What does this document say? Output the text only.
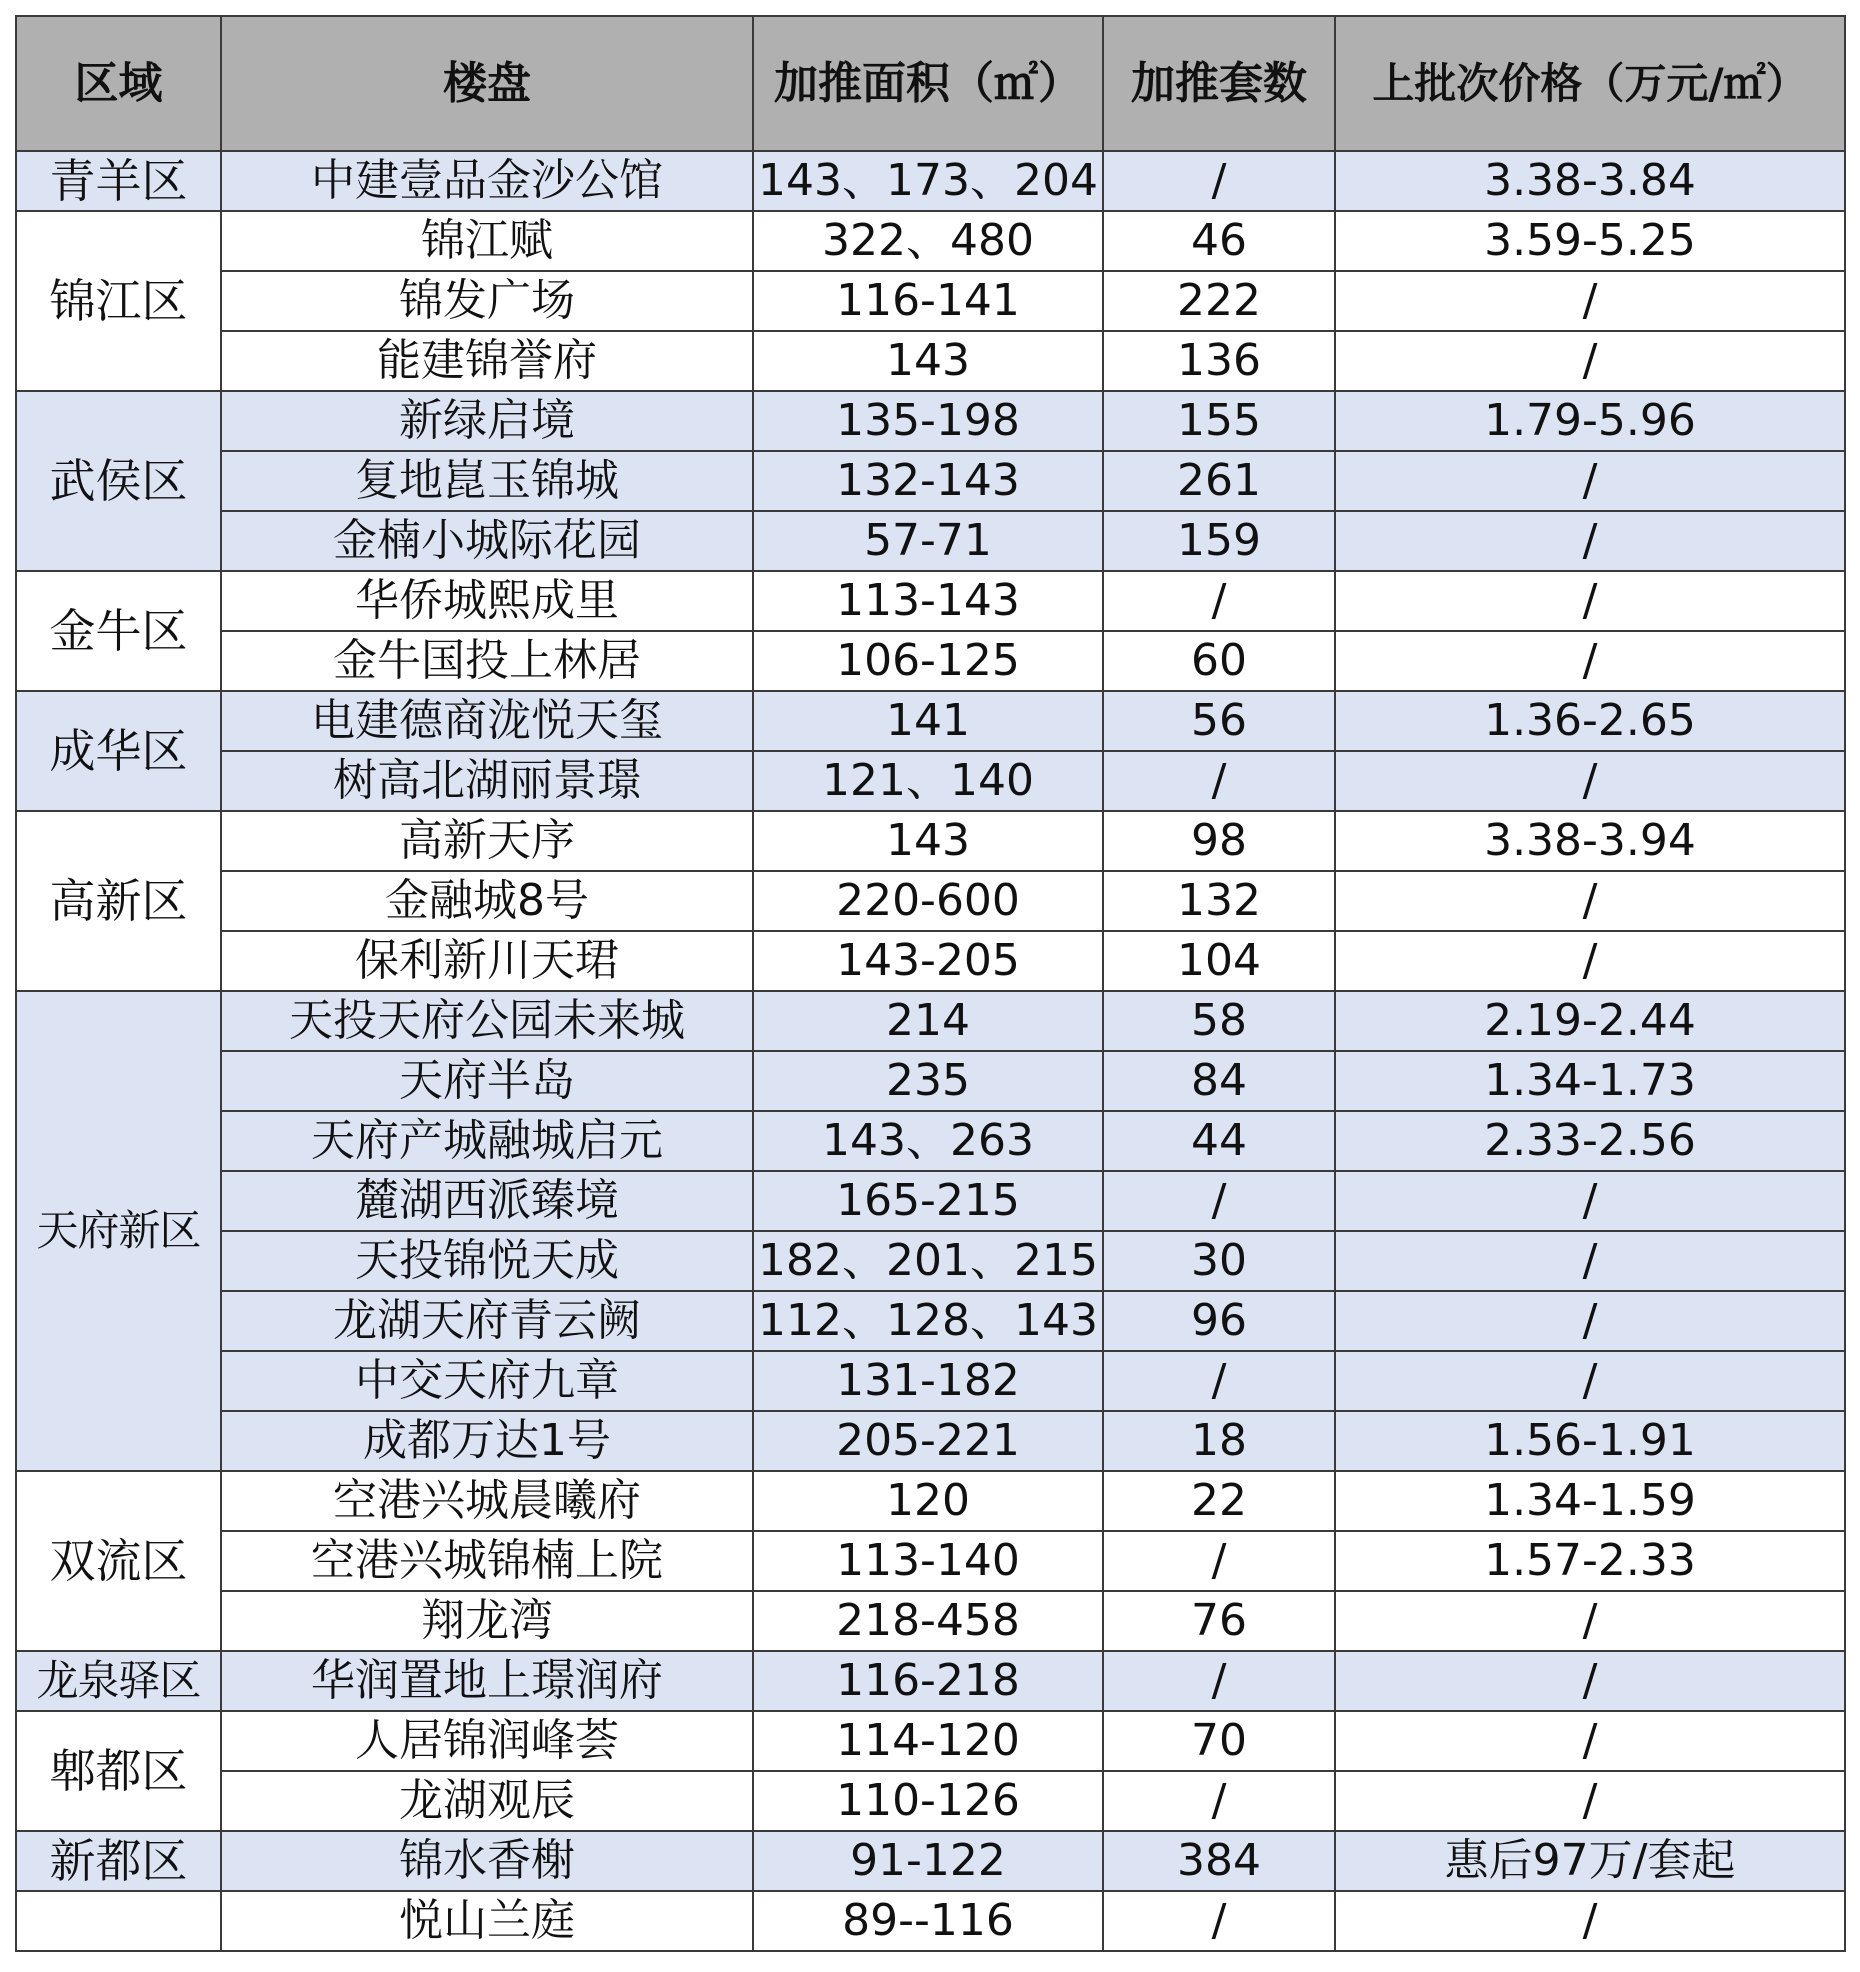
区域	楼盘	加推面积（㎡）	加推套数	上批次价格（万元/㎡）
青羊区	中建壹品金沙公馆	143、173、204	/	3.38-3.84
锦江区	锦江赋	322、480	46	3.59-5.25
	锦发广场	116-141	222	/
	能建锦誉府	143	136	/
武侯区	新绿启境	135-198	155	1.79-5.96
	复地崑玉锦城	132-143	261	/
	金楠小城际花园	57-71	159	/
金牛区	华侨城熙成里	113-143	/	/
	金牛国投上林居	106-125	60	/
成华区	电建德商泷悦天玺	141	56	1.36-2.65
	树高北湖丽景璟	121、140	/	/
高新区	高新天序	143	98	3.38-3.94
	金融城8号	220-600	132	/
	保利新川天珺	143-205	104	/
天府新区	天投天府公园未来城	214	58	2.19-2.44
	天府半岛	235	84	1.34-1.73
	天府产城融城启元	143、263	44	2.33-2.56
	麓湖西派臻境	165-215	/	/
	天投锦悦天成	182、201、215	30	/
	龙湖天府青云阙	112、128、143	96	/
	中交天府九章	131-182	/	/
	成都万达1号	205-221	18	1.56-1.91
双流区	空港兴城晨曦府	120	22	1.34-1.59
	空港兴城锦楠上院	113-140	/	1.57-2.33
	翔龙湾	218-458	76	/
龙泉驿区	华润置地上璟润府	116-218	/	/
郫都区	人居锦润峰荟	114-120	70	/
	龙湖观辰	110-126	/	/
新都区	锦水香榭	91-122	384	惠后97万/套起
	悦山兰庭	89--116	/	/
